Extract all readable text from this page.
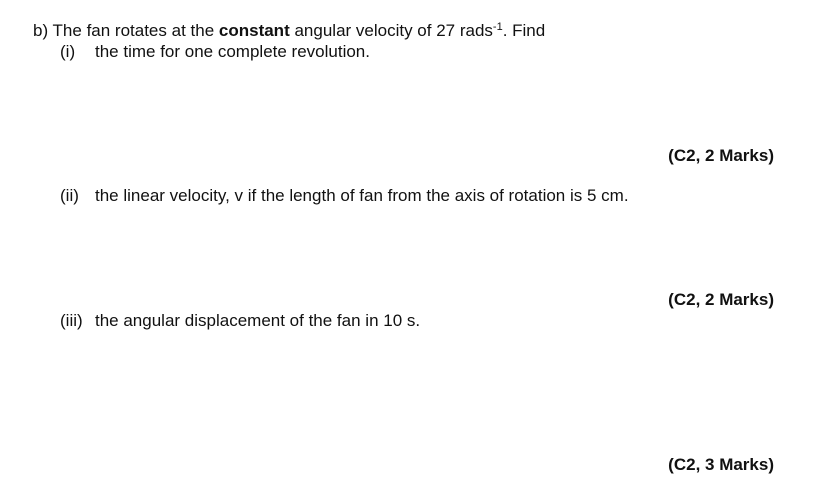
b) The fan rotates at the constant angular velocity of 27 rads$^{-1}$. Find
(i) the time for one complete revolution.
(C2, 2 Marks)
(ii) the linear velocity, v if the length of fan from the axis of rotation is 5 cm.
(C2, 2 Marks)
(iii) the angular displacement of the fan in 10 s.
(C2, 3 Marks)
